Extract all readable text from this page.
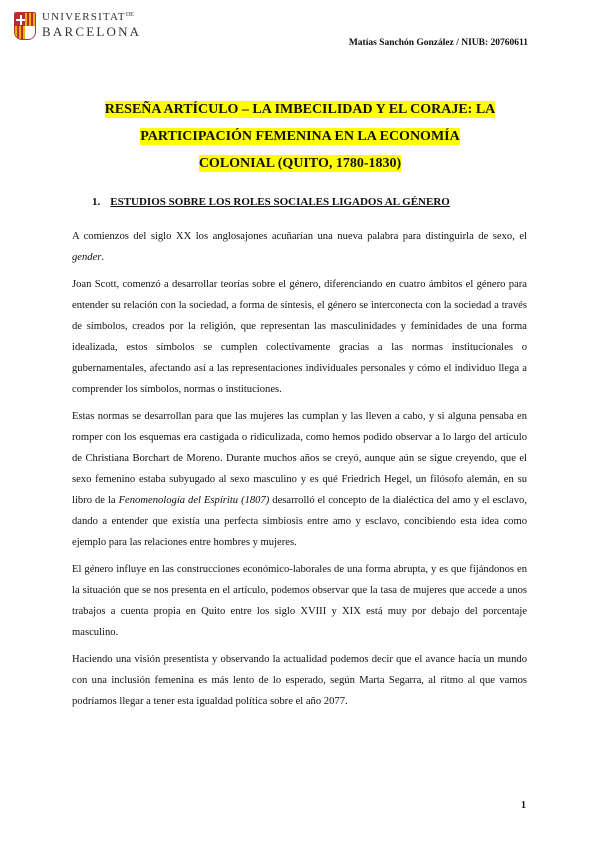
$UNIVERSITAT^{DE}$
BARCELONA
Matías Sanchón González / NIUB: 20760611
RESEÑA ARTÍCULO – LA IMBECILIDAD Y EL CORAJE: LA
PARTICIPACIÓN FEMENINA EN LA ECONOMÍA
COLONIAL (QUITO, 1780-1830)
1. ESTUDIOS SOBRE LOS ROLES SOCIALES LIGADOS AL GÉNERO

A comienzos del siglo XX los anglosajones acuñarían una nueva palabra para distinguirla de sexo, el gender.

Joan Scott, comenzó a desarrollar teorías sobre el género, diferenciando en cuatro ámbitos el género para entender su relación con la sociedad, a forma de síntesis, el género se interconecta con la sociedad a través de símbolos, creados por la religión, que representan las masculinidades y feminidades de una forma idealizada, estos símbolos se cumplen colectivamente gracias a las normas institucionales o gubernamentales, afectando así a las representaciones individuales personales y cómo el individuo llega a comprender los símbolos, normas o instituciones.

Estas normas se desarrollan para que las mujeres las cumplan y las lleven a cabo, y si alguna pensaba en romper con los esquemas era castigada o ridiculizada, como hemos podido observar a lo largo del artículo de Christiana Borchart de Moreno. Durante muchos años se creyó, aunque aún se sigue creyendo, que el sexo femenino estaba subyugado al sexo masculino y es qué Friedrich Hegel, un filósofo alemán, en su libro de la Fenomenología del Espíritu (1807) desarrolló el concepto de la dialéctica del amo y el esclavo, dando a entender que existía una perfecta simbiosis entre amo y esclavo, concibiendo esta idea como ejemplo para las relaciones entre hombres y mujeres.

El género influye en las construcciones económico-laborales de una forma abrupta, y es que fijándonos en la situación que se nos presenta en el artículo, podemos observar que la tasa de mujeres que accede a unos trabajos a cuenta propia en Quito entre los siglo XVIII y XIX está muy por debajo del porcentaje masculino.

Haciendo una visión presentista y observando la actualidad podemos decir que el avance hacía un mundo con una inclusión femenina es más lento de lo esperado, según Marta Segarra, al ritmo al que vamos podríamos llegar a tener esta igualdad política sobre el año 2077.

1
